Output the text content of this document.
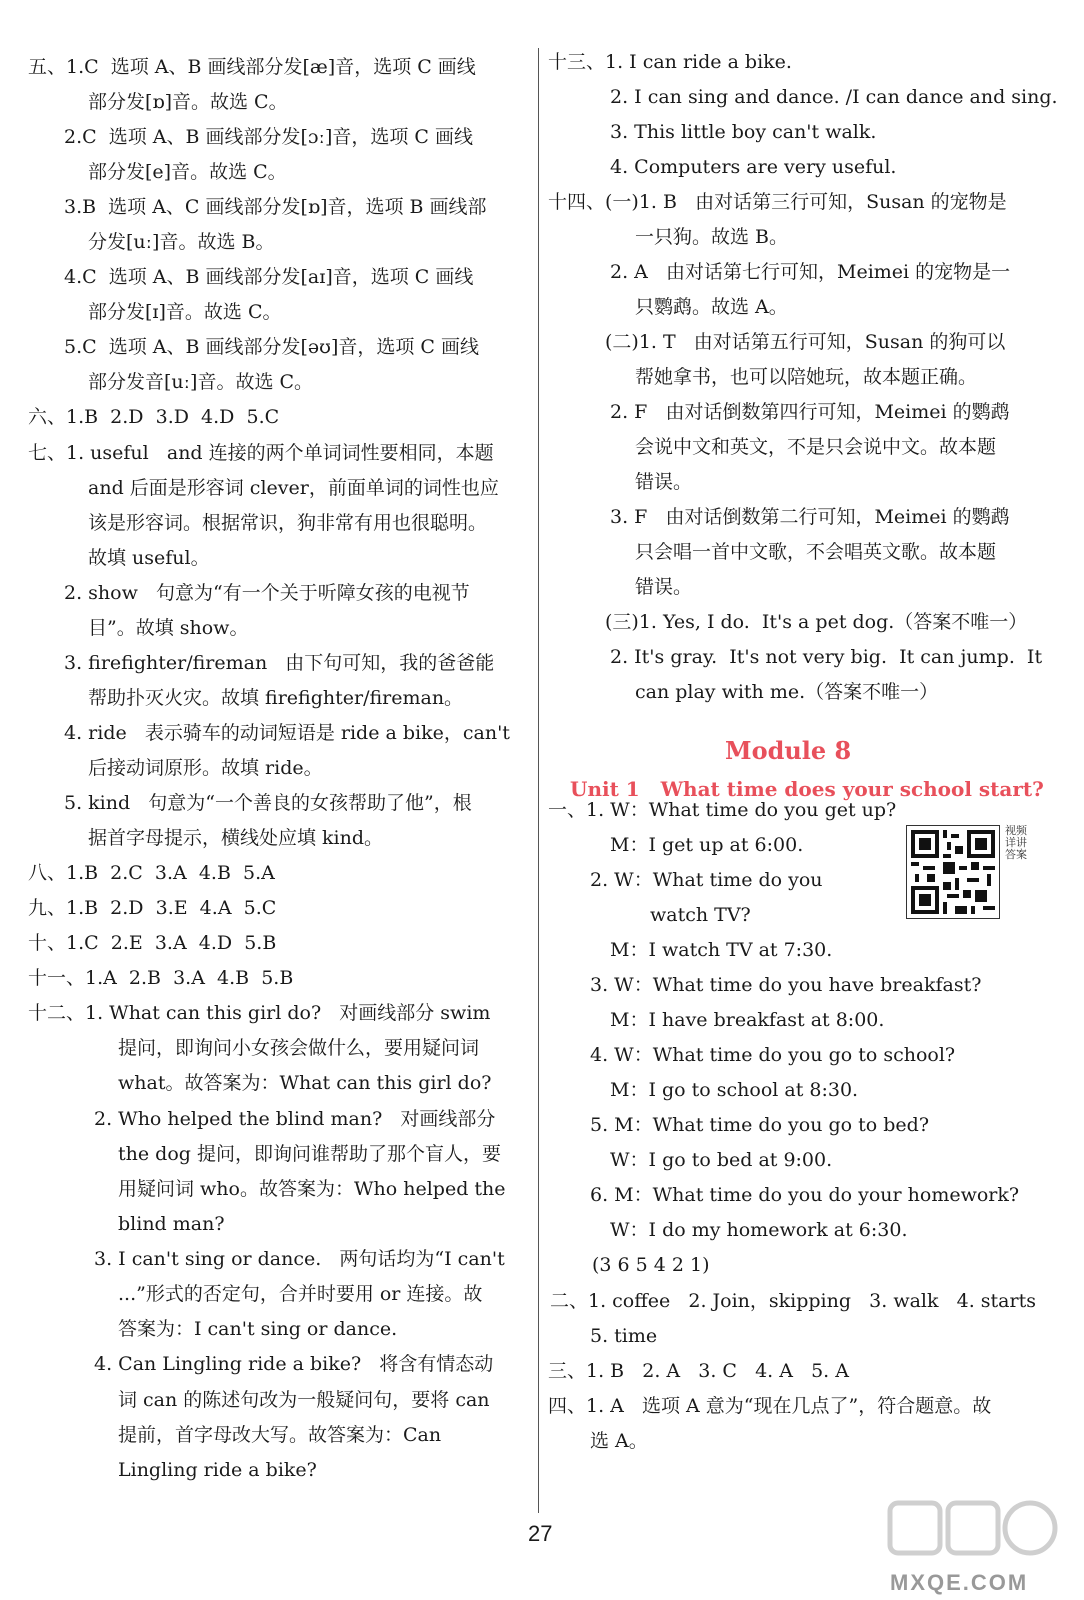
五、1.C  选项 A、B 画线部分发[æ]音，选项 C 画线
部分发[ɒ]音。故选 C。
2.C  选项 A、B 画线部分发[ɔː]音，选项 C 画线
部分发[e]音。故选 C。
3.B  选项 A、C 画线部分发[ɒ]音，选项 B 画线部
分发[uː]音。故选 B。
4.C  选项 A、B 画线部分发[aɪ]音，选项 C 画线
部分发[ɪ]音。故选 C。
5.C  选项 A、B 画线部分发[əʊ]音，选项 C 画线
部分发音[uː]音。故选 C。
六、1.B  2.D  3.D  4.D  5.C
七、1. useful   and 连接的两个单词词性要相同，本题
and 后面是形容词 clever，前面单词的词性也应
该是形容词。根据常识，狗非常有用也很聪明。
故填 useful。
2. show   句意为“有一个关于听障女孩的电视节
目”。故填 show。
3. firefighter/fireman   由下句可知，我的爸爸能
帮助扑灭火灾。故填 firefighter/fireman。
4. ride   表示骑车的动词短语是 ride a bike，can't
后接动词原形。故填 ride。
5. kind   句意为“一个善良的女孩帮助了他”，根
据首字母提示，横线处应填 kind。
八、1.B  2.C  3.A  4.B  5.A
九、1.B  2.D  3.E  4.A  5.C
十、1.C  2.E  3.A  4.D  5.B
十一、1.A  2.B  3.A  4.B  5.B
十二、1. What can this girl do?   对画线部分 swim
提问，即询问小女孩会做什么，要用疑问词
what。故答案为：What can this girl do?
2. Who helped the blind man?   对画线部分
the dog 提问，即询问谁帮助了那个盲人，要
用疑问词 who。故答案为：Who helped the
blind man?
3. I can't sing or dance.   两句话均为“I can't
...”形式的否定句，合并时要用 or 连接。故
答案为：I can't sing or dance.
4. Can Lingling ride a bike?   将含有情态动
词 can 的陈述句改为一般疑问句，要将 can
提前，首字母改大写。故答案为：Can
Lingling ride a bike?
十三、1. I can ride a bike.
2. I can sing and dance. /I can dance and sing.
3. This little boy can't walk.
4. Computers are very useful.
十四、(一)1. B   由对话第三行可知，Susan 的宠物是
一只狗。故选 B。
2. A   由对话第七行可知，Meimei 的宠物是一
只鹦鹉。故选 A。
(二)1. T   由对话第五行可知，Susan 的狗可以
帮她拿书，也可以陪她玩，故本题正确。
2. F   由对话倒数第四行可知，Meimei 的鹦鹉
会说中文和英文，不是只会说中文。故本题
错误。
3. F   由对话倒数第二行可知，Meimei 的鹦鹉
只会唱一首中文歌，不会唱英文歌。故本题
错误。
(三)1. Yes, I do.  It's a pet dog.（答案不唯一）
2. It's gray.  It's not very big.  It can jump.  It
can play with me.（答案不唯一）
Module 8
Unit 1   What time does your school start?
一、1. W：What time do you get up?
M：I get up at 6:00.
2. W：What time do you
watch TV?
M：I watch TV at 7:30.
3. W：What time do you have breakfast?
M：I have breakfast at 8:00.
4. W：What time do you go to school?
M：I go to school at 8:30.
5. M：What time do you go to bed?
W：I go to bed at 9:00.
6. M：What time do you do your homework?
W：I do my homework at 6:30.
(3 6 5 4 2 1)
二、1. coffee   2. Join，skipping   3. walk   4. starts
5. time
三、1. B   2. A   3. C   4. A   5. A
四、1. A   选项 A 意为“现在几点了”，符合题意。故
选 A。
视频详讲答案
27
MXQE.COM
